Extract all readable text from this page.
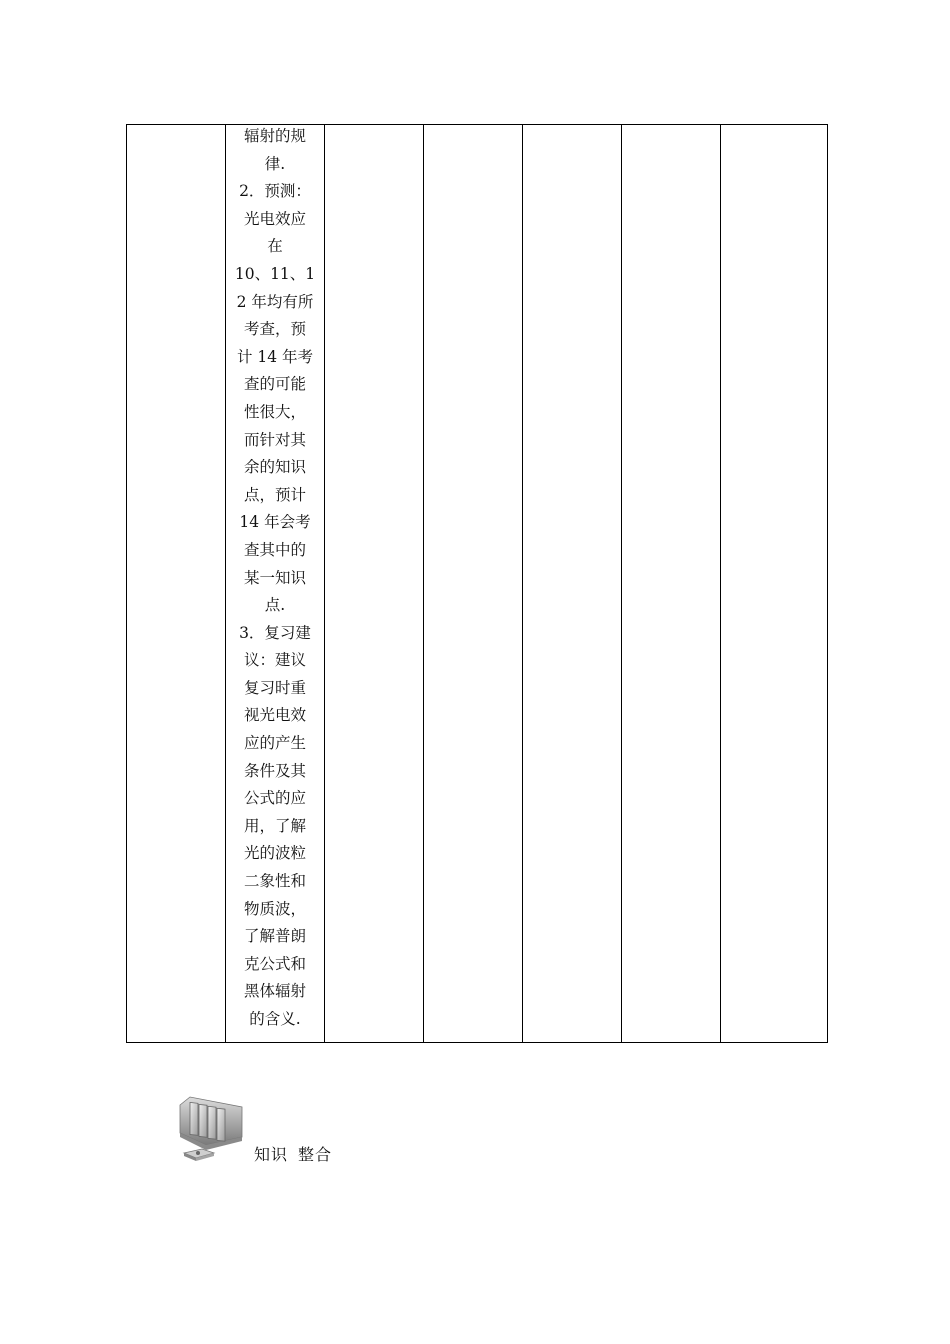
辐射的规
律.
2．预测：
光电效应
在
10、11、1
2 年均有所
考查，预
计 14 年考
查的可能
性很大，
而针对其
余的知识
点，预计
14 年会考
查其中的
某一知识
点.
3．复习建
议：建议
复习时重
视光电效
应的产生
条件及其
公式的应
用，了解
光的波粒
二象性和
物质波，
了解普朗
克公式和
黑体辐射
的含义.

知识 整合
